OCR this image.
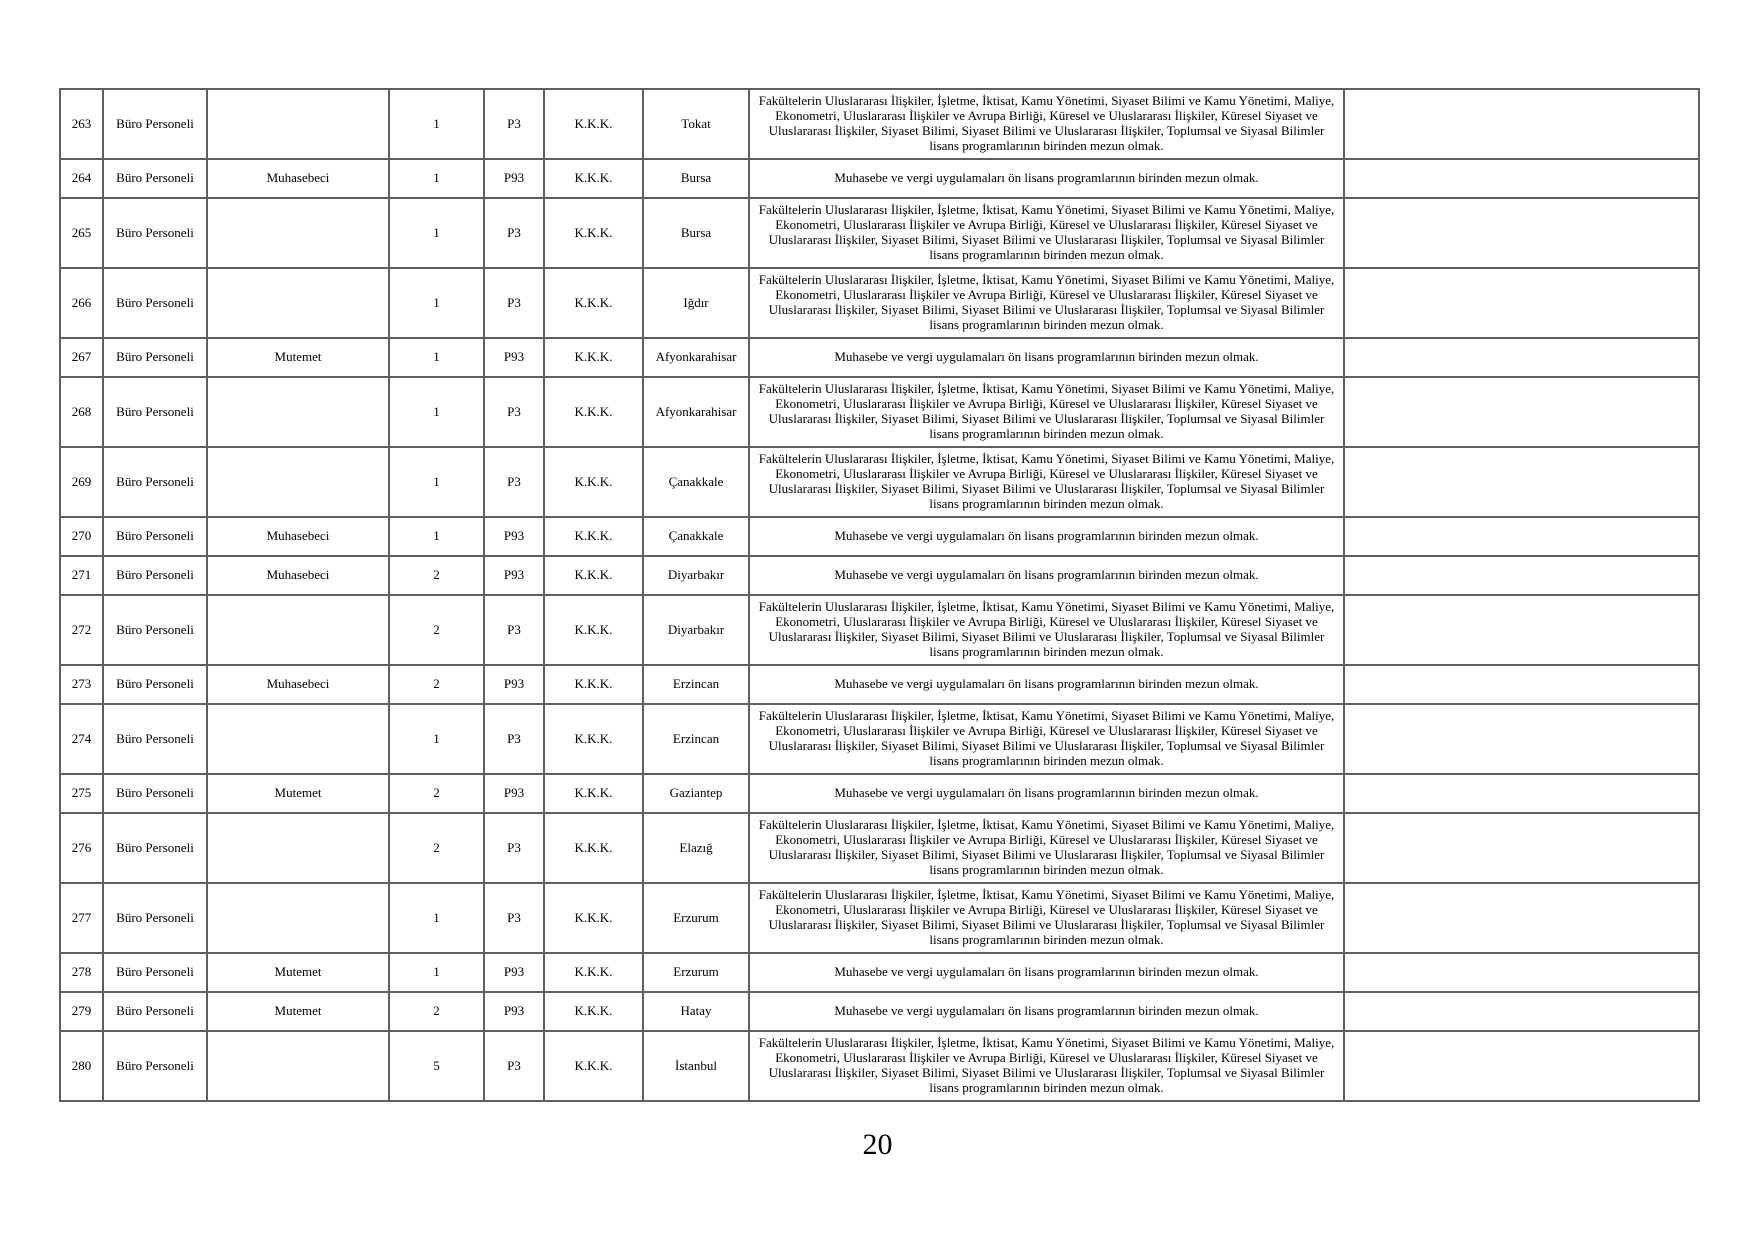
263	Büro Personeli		1	P3	K.K.K.	Tokat	Fakültelerin Uluslararası İlişkiler, İşletme, İktisat, Kamu Yönetimi, Siyaset Bilimi ve Kamu Yönetimi, Maliye, Ekonometri, Uluslararası İlişkiler ve Avrupa Birliği, Küresel ve Uluslararası İlişkiler, Küresel Siyaset ve Uluslararası İlişkiler, Siyaset Bilimi, Siyaset Bilimi ve Uluslararası İlişkiler, Toplumsal ve Siyasal Bilimler lisans programlarının birinden mezun olmak.	
264	Büro Personeli	Muhasebeci	1	P93	K.K.K.	Bursa	Muhasebe ve vergi uygulamaları ön lisans programlarının birinden mezun olmak.	
265	Büro Personeli		1	P3	K.K.K.	Bursa	Fakültelerin Uluslararası İlişkiler, İşletme, İktisat, Kamu Yönetimi, Siyaset Bilimi ve Kamu Yönetimi, Maliye, Ekonometri, Uluslararası İlişkiler ve Avrupa Birliği, Küresel ve Uluslararası İlişkiler, Küresel Siyaset ve Uluslararası İlişkiler, Siyaset Bilimi, Siyaset Bilimi ve Uluslararası İlişkiler, Toplumsal ve Siyasal Bilimler lisans programlarının birinden mezun olmak.	
266	Büro Personeli		1	P3	K.K.K.	Iğdır	Fakültelerin Uluslararası İlişkiler, İşletme, İktisat, Kamu Yönetimi, Siyaset Bilimi ve Kamu Yönetimi, Maliye, Ekonometri, Uluslararası İlişkiler ve Avrupa Birliği, Küresel ve Uluslararası İlişkiler, Küresel Siyaset ve Uluslararası İlişkiler, Siyaset Bilimi, Siyaset Bilimi ve Uluslararası İlişkiler, Toplumsal ve Siyasal Bilimler lisans programlarının birinden mezun olmak.	
267	Büro Personeli	Mutemet	1	P93	K.K.K.	Afyonkarahisar	Muhasebe ve vergi uygulamaları ön lisans programlarının birinden mezun olmak.	
268	Büro Personeli		1	P3	K.K.K.	Afyonkarahisar	Fakültelerin Uluslararası İlişkiler, İşletme, İktisat, Kamu Yönetimi, Siyaset Bilimi ve Kamu Yönetimi, Maliye, Ekonometri, Uluslararası İlişkiler ve Avrupa Birliği, Küresel ve Uluslararası İlişkiler, Küresel Siyaset ve Uluslararası İlişkiler, Siyaset Bilimi, Siyaset Bilimi ve Uluslararası İlişkiler, Toplumsal ve Siyasal Bilimler lisans programlarının birinden mezun olmak.	
269	Büro Personeli		1	P3	K.K.K.	Çanakkale	Fakültelerin Uluslararası İlişkiler, İşletme, İktisat, Kamu Yönetimi, Siyaset Bilimi ve Kamu Yönetimi, Maliye, Ekonometri, Uluslararası İlişkiler ve Avrupa Birliği, Küresel ve Uluslararası İlişkiler, Küresel Siyaset ve Uluslararası İlişkiler, Siyaset Bilimi, Siyaset Bilimi ve Uluslararası İlişkiler, Toplumsal ve Siyasal Bilimler lisans programlarının birinden mezun olmak.	
270	Büro Personeli	Muhasebeci	1	P93	K.K.K.	Çanakkale	Muhasebe ve vergi uygulamaları ön lisans programlarının birinden mezun olmak.	
271	Büro Personeli	Muhasebeci	2	P93	K.K.K.	Diyarbakır	Muhasebe ve vergi uygulamaları ön lisans programlarının birinden mezun olmak.	
272	Büro Personeli		2	P3	K.K.K.	Diyarbakır	Fakültelerin Uluslararası İlişkiler, İşletme, İktisat, Kamu Yönetimi, Siyaset Bilimi ve Kamu Yönetimi, Maliye, Ekonometri, Uluslararası İlişkiler ve Avrupa Birliği, Küresel ve Uluslararası İlişkiler, Küresel Siyaset ve Uluslararası İlişkiler, Siyaset Bilimi, Siyaset Bilimi ve Uluslararası İlişkiler, Toplumsal ve Siyasal Bilimler lisans programlarının birinden mezun olmak.	
273	Büro Personeli	Muhasebeci	2	P93	K.K.K.	Erzincan	Muhasebe ve vergi uygulamaları ön lisans programlarının birinden mezun olmak.	
274	Büro Personeli		1	P3	K.K.K.	Erzincan	Fakültelerin Uluslararası İlişkiler, İşletme, İktisat, Kamu Yönetimi, Siyaset Bilimi ve Kamu Yönetimi, Maliye, Ekonometri, Uluslararası İlişkiler ve Avrupa Birliği, Küresel ve Uluslararası İlişkiler, Küresel Siyaset ve Uluslararası İlişkiler, Siyaset Bilimi, Siyaset Bilimi ve Uluslararası İlişkiler, Toplumsal ve Siyasal Bilimler lisans programlarının birinden mezun olmak.	
275	Büro Personeli	Mutemet	2	P93	K.K.K.	Gaziantep	Muhasebe ve vergi uygulamaları ön lisans programlarının birinden mezun olmak.	
276	Büro Personeli		2	P3	K.K.K.	Elazığ	Fakültelerin Uluslararası İlişkiler, İşletme, İktisat, Kamu Yönetimi, Siyaset Bilimi ve Kamu Yönetimi, Maliye, Ekonometri, Uluslararası İlişkiler ve Avrupa Birliği, Küresel ve Uluslararası İlişkiler, Küresel Siyaset ve Uluslararası İlişkiler, Siyaset Bilimi, Siyaset Bilimi ve Uluslararası İlişkiler, Toplumsal ve Siyasal Bilimler lisans programlarının birinden mezun olmak.	
277	Büro Personeli		1	P3	K.K.K.	Erzurum	Fakültelerin Uluslararası İlişkiler, İşletme, İktisat, Kamu Yönetimi, Siyaset Bilimi ve Kamu Yönetimi, Maliye, Ekonometri, Uluslararası İlişkiler ve Avrupa Birliği, Küresel ve Uluslararası İlişkiler, Küresel Siyaset ve Uluslararası İlişkiler, Siyaset Bilimi, Siyaset Bilimi ve Uluslararası İlişkiler, Toplumsal ve Siyasal Bilimler lisans programlarının birinden mezun olmak.	
278	Büro Personeli	Mutemet	1	P93	K.K.K.	Erzurum	Muhasebe ve vergi uygulamaları ön lisans programlarının birinden mezun olmak.	
279	Büro Personeli	Mutemet	2	P93	K.K.K.	Hatay	Muhasebe ve vergi uygulamaları ön lisans programlarının birinden mezun olmak.	
280	Büro Personeli		5	P3	K.K.K.	İstanbul	Fakültelerin Uluslararası İlişkiler, İşletme, İktisat, Kamu Yönetimi, Siyaset Bilimi ve Kamu Yönetimi, Maliye, Ekonometri, Uluslararası İlişkiler ve Avrupa Birliği, Küresel ve Uluslararası İlişkiler, Küresel Siyaset ve Uluslararası İlişkiler, Siyaset Bilimi, Siyaset Bilimi ve Uluslararası İlişkiler, Toplumsal ve Siyasal Bilimler lisans programlarının birinden mezun olmak.	
20
